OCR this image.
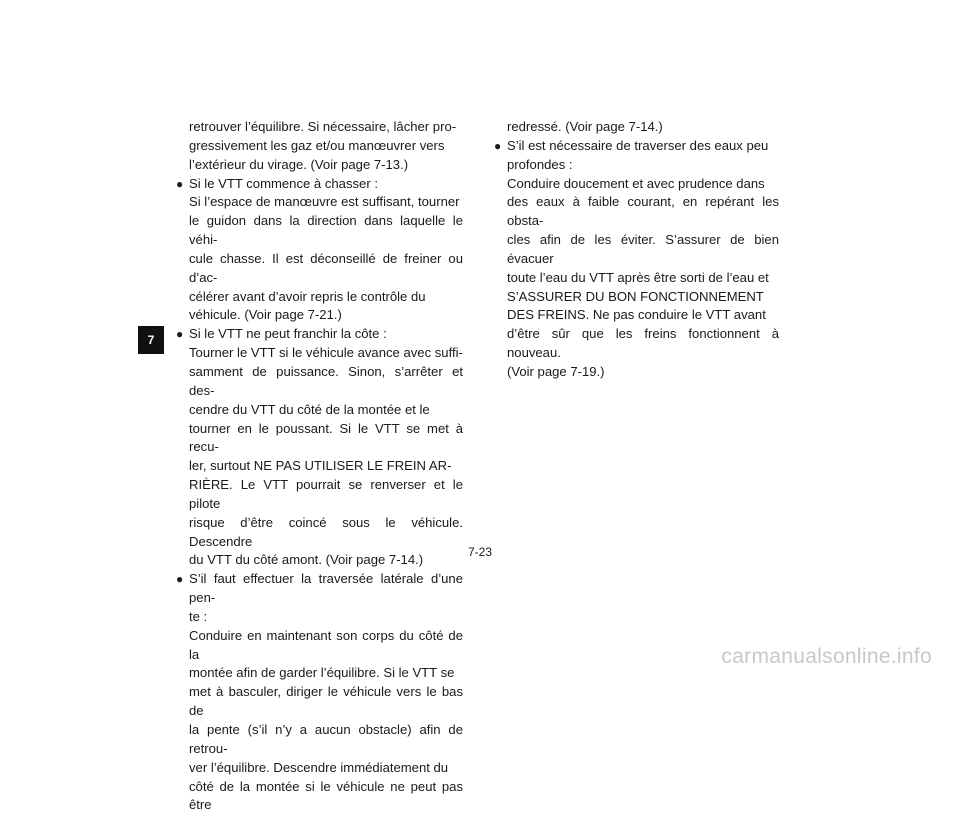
7
retrouver l’équilibre. Si nécessaire, lâcher pro-
gressivement les gaz et/ou manœuvrer vers
l’extérieur du virage. (Voir page 7-13.)
● Si le VTT commence à chasser :
Si l’espace de manœuvre est suffisant, tourner
le guidon dans la direction dans laquelle le véhi-
cule chasse. Il est déconseillé de freiner ou d’ac-
célérer avant d’avoir repris le contrôle du
véhicule. (Voir page 7-21.)
● Si le VTT ne peut franchir la côte :
Tourner le VTT si le véhicule avance avec suffi-
samment de puissance. Sinon, s’arrêter et des-
cendre du VTT du côté de la montée et le
tourner en le poussant. Si le VTT se met à recu-
ler, surtout NE PAS UTILISER LE FREIN AR-
RIÈRE. Le VTT pourrait se renverser et le pilote
risque d’être coincé sous le véhicule. Descendre
du VTT du côté amont. (Voir page 7-14.)
● S’il faut effectuer la traversée latérale d’une pen-
te :
Conduire en maintenant son corps du côté de la
montée afin de garder l’équilibre. Si le VTT se
met à basculer, diriger le véhicule vers le bas de
la pente (s’il n’y a aucun obstacle) afin de retrou-
ver l’équilibre. Descendre immédiatement du
côté de la montée si le véhicule ne peut pas être
redressé. (Voir page 7-14.)
● S’il est nécessaire de traverser des eaux peu
profondes :
Conduire doucement et avec prudence dans
des eaux à faible courant, en repérant les obsta-
cles afin de les éviter. S’assurer de bien évacuer
toute l’eau du VTT après être sorti de l’eau et
S’ASSURER DU BON FONCTIONNEMENT
DES FREINS. Ne pas conduire le VTT avant
d’être sûr que les freins fonctionnent à nouveau.
(Voir page 7-19.)
7-23
carmanualsonline.info
